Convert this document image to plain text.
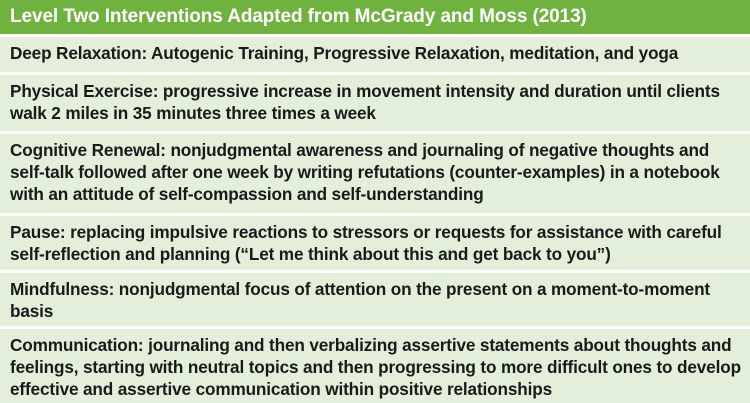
Level Two Interventions Adapted from McGrady and Moss (2013)
Deep Relaxation: Autogenic Training, Progressive Relaxation, meditation, and yoga
Physical Exercise: progressive increase in movement intensity and duration until clients walk 2 miles in 35 minutes three times a week
Cognitive Renewal: nonjudgmental awareness and journaling of negative thoughts and self-talk followed after one week by writing refutations (counter-examples) in a notebook with an attitude of self-compassion and self-understanding
Pause: replacing impulsive reactions to stressors or requests for assistance with careful self-reflection and planning (“Let me think about this and get back to you”)
Mindfulness: nonjudgmental focus of attention on the present on a moment-to-moment basis
Communication: journaling and then verbalizing assertive statements about thoughts and feelings, starting with neutral topics and then progressing to more difficult ones to develop effective and assertive communication within positive relationships
